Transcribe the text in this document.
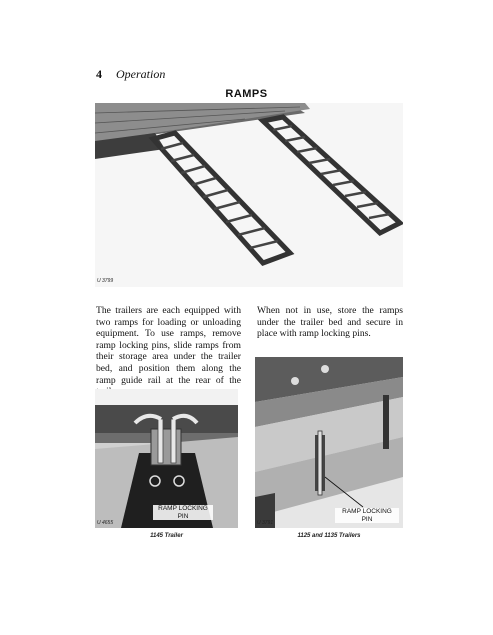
4 Operation
RAMPS
U 3799
The trailers are each equipped with two ramps for loading or unloading equipment. To use ramps, remove ramp locking pins, slide ramps from their storage area under the trailer bed, and position them along the ramp guide rail at the rear of the
When not in use, store the ramps under the trailer bed and secure in place with ramp locking pins.
RAMP LOCKING
PIN
U 4655
1145 Trailer
RAMP LOCKING
PIN
U 3791
1125 and 1135 Trailers
